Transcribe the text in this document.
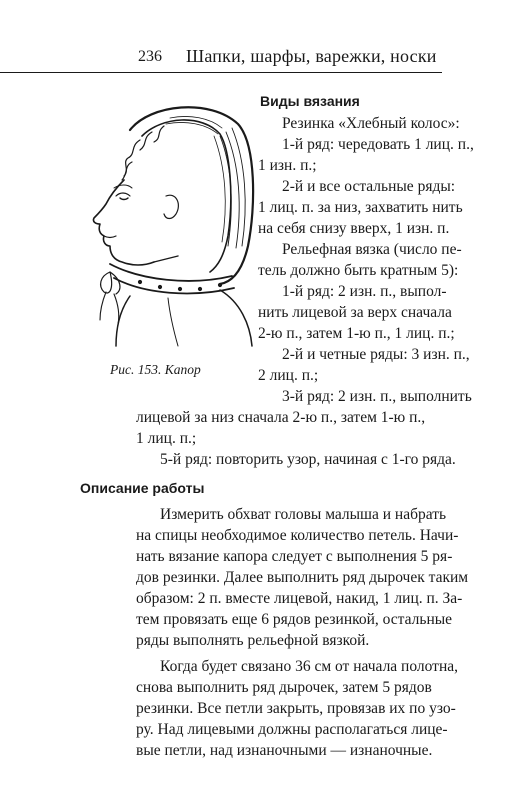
236 Шапки, шарфы, варежки, носки
Рис. 153. Капор
Виды вязания
Резинка «Хлебный колос»:
1-й ряд: чередовать 1 лиц. п.,
1 изн. п.;
2-й и все остальные ряды:
1 лиц. п. за низ, захватить нить
на себя снизу вверх, 1 изн. п.
Рельефная вязка (число пе-
тель должно быть кратным 5):
1-й ряд: 2 изн. п., выпол-
нить лицевой за верх сначала
2-ю п., затем 1-ю п., 1 лиц. п.;
2-й и четные ряды: 3 изн. п.,
2 лиц. п.;
3-й ряд: 2 изн. п., выполнить
лицевой за низ сначала 2-ю п., затем 1-ю п.,
1 лиц. п.;
5-й ряд: повторить узор, начиная с 1-го ряда.
Описание работы
Измерить обхват головы малыша и набрать
на спицы необходимое количество петель. Начи-
нать вязание капора следует с выполнения 5 ря-
дов резинки. Далее выполнить ряд дырочек таким
образом: 2 п. вместе лицевой, накид, 1 лиц. п. За-
тем провязать еще 6 рядов резинкой, остальные
ряды выполнять рельефной вязкой.
Когда будет связано 36 см от начала полотна,
снова выполнить ряд дырочек, затем 5 рядов
резинки. Все петли закрыть, провязав их по узо-
ру. Над лицевыми должны располагаться лице-
вые петли, над изнаночными — изнаночные.
